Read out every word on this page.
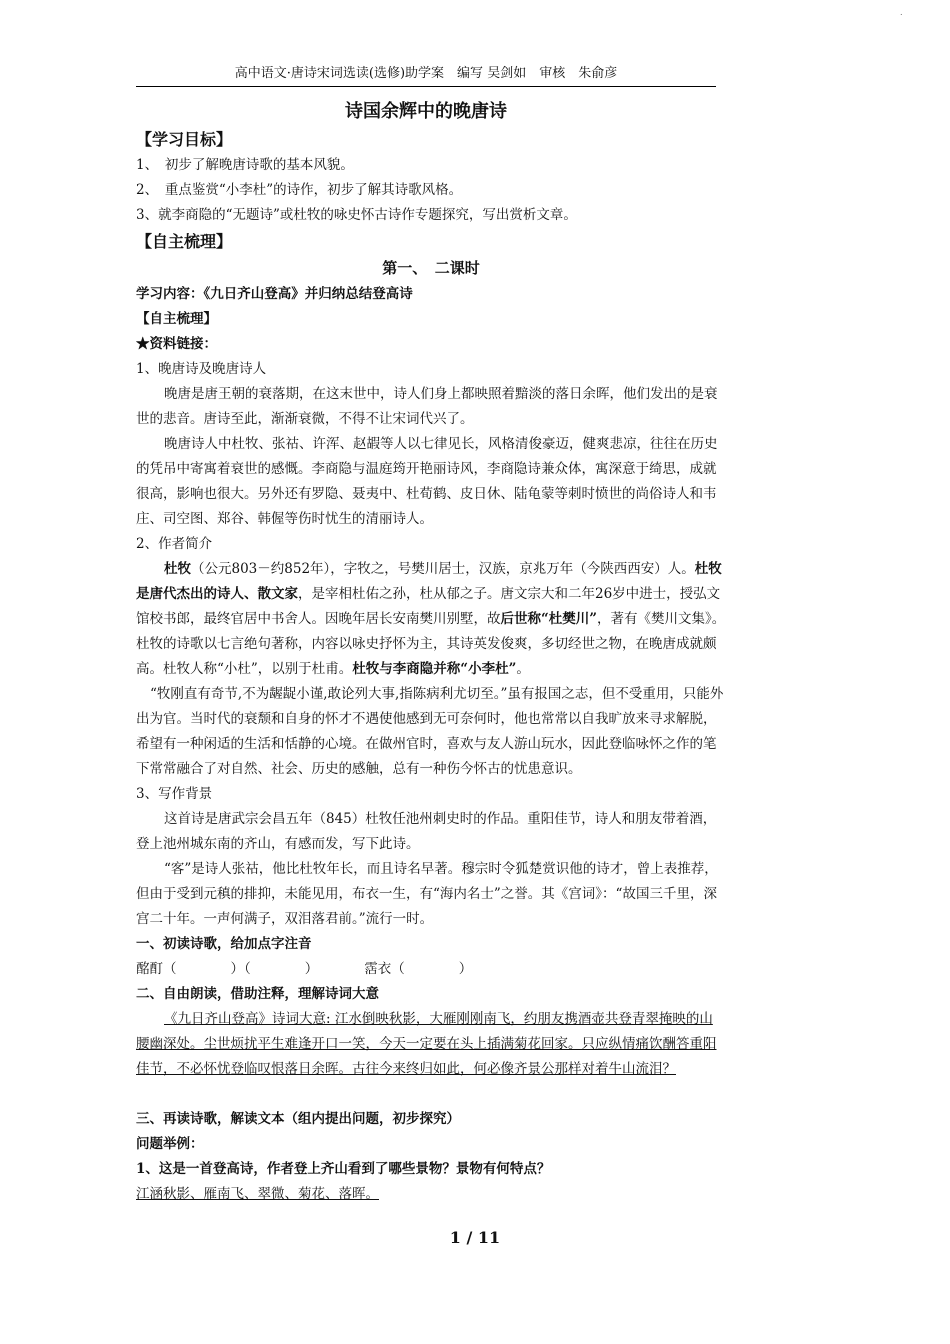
.
高中语文·唐诗宋词选读(选修)助学案　编写 吴剑如　审核　朱俞彦
诗国余辉中的晚唐诗

【学习目标】

1、　初步了解晚唐诗歌的基本风貌。

2、　重点鉴赏“小李杜”的诗作，初步了解其诗歌风格。

3、就李商隐的“无题诗”或杜牧的咏史怀古诗作专题探究，写出赏析文章。

【自主梳理】

第一、　二课时

学习内容：《九日齐山登高》并归纳总结登高诗

【自主梳理】

★资料链接：

1、晚唐诗及晚唐诗人

晚唐是唐王朝的衰落期，在这末世中，诗人们身上都映照着黯淡的落日余晖，他们发出的是衰世的悲音。唐诗至此，渐渐衰微，不得不让宋词代兴了。

晚唐诗人中杜牧、张祜、许浑、赵嘏等人以七律见长，风格清俊豪迈，健爽悲凉，往往在历史的凭吊中寄寓着衰世的感慨。李商隐与温庭筠开艳丽诗风，李商隐诗兼众体，寓深意于绮思，成就很高，影响也很大。另外还有罗隐、聂夷中、杜荀鹤、皮日休、陆龟蒙等刺时愤世的尚俗诗人和韦庄、司空图、郑谷、韩偓等伤时忧生的清丽诗人。

2、作者简介

杜牧（公元803－约852年），字牧之，号樊川居士，汉族，京兆万年（今陕西西安）人。杜牧是唐代杰出的诗人、散文家，是宰相杜佑之孙，杜从郁之子。唐文宗大和二年26岁中进士，授弘文馆校书郎，最终官居中书舍人。因晚年居长安南樊川别墅，故后世称“杜樊川”，著有《樊川文集》。杜牧的诗歌以七言绝句著称，内容以咏史抒怀为主，其诗英发俊爽，多切经世之物，在晚唐成就颇高。杜牧人称“小杜”，以别于杜甫。杜牧与李商隐并称“小李杜”。

“牧刚直有奇节,不为龌龊小谨,敢论列大事,指陈病利尤切至。”虽有报国之志，但不受重用，只能外出为官。当时代的衰颓和自身的怀才不遇使他感到无可奈何时，他也常常以自我旷放来寻求解脱，希望有一种闲适的生活和恬静的心境。在做州官时，喜欢与友人游山玩水，因此登临咏怀之作的笔下常常融合了对自然、社会、历史的感触，总有一种伤今怀古的忧患意识。

3、写作背景

这首诗是唐武宗会昌五年（845）杜牧任池州刺史时的作品。重阳佳节，诗人和朋友带着酒，登上池州城东南的齐山，有感而发，写下此诗。

“客”是诗人张祜，他比杜牧年长，而且诗名早著。穆宗时令狐楚赏识他的诗才，曾上表推荐，但由于受到元稹的排抑，未能见用，布衣一生，有“海内名士”之誉。其《宫词》：“故国三千里，深宫二十年。一声何满子，双泪落君前。”流行一时。

一、初读诗歌，给加点字注音

酩酊（　　　　）（　　　　）	霑衣（　　　　）

二、自由朗读，借助注释，理解诗词大意

《九日齐山登高》诗词大意: 江水倒映秋影，大雁刚刚南飞，约朋友携酒壶共登青翠掩映的山腰幽深处。尘世烦扰平生难逢开口一笑，今天一定要在头上插满菊花回家。只应纵情痛饮酬答重阳佳节，不必怀忧登临叹恨落日余晖。古往今来终归如此，何必像齐景公那样对着牛山流泪？

三、再读诗歌，解读文本（组内提出问题，初步探究）

问题举例：

1、这是一首登高诗，作者登上齐山看到了哪些景物？景物有何特点？

江涵秋影、雁南飞、翠微、菊花、落晖。

1 / 11
